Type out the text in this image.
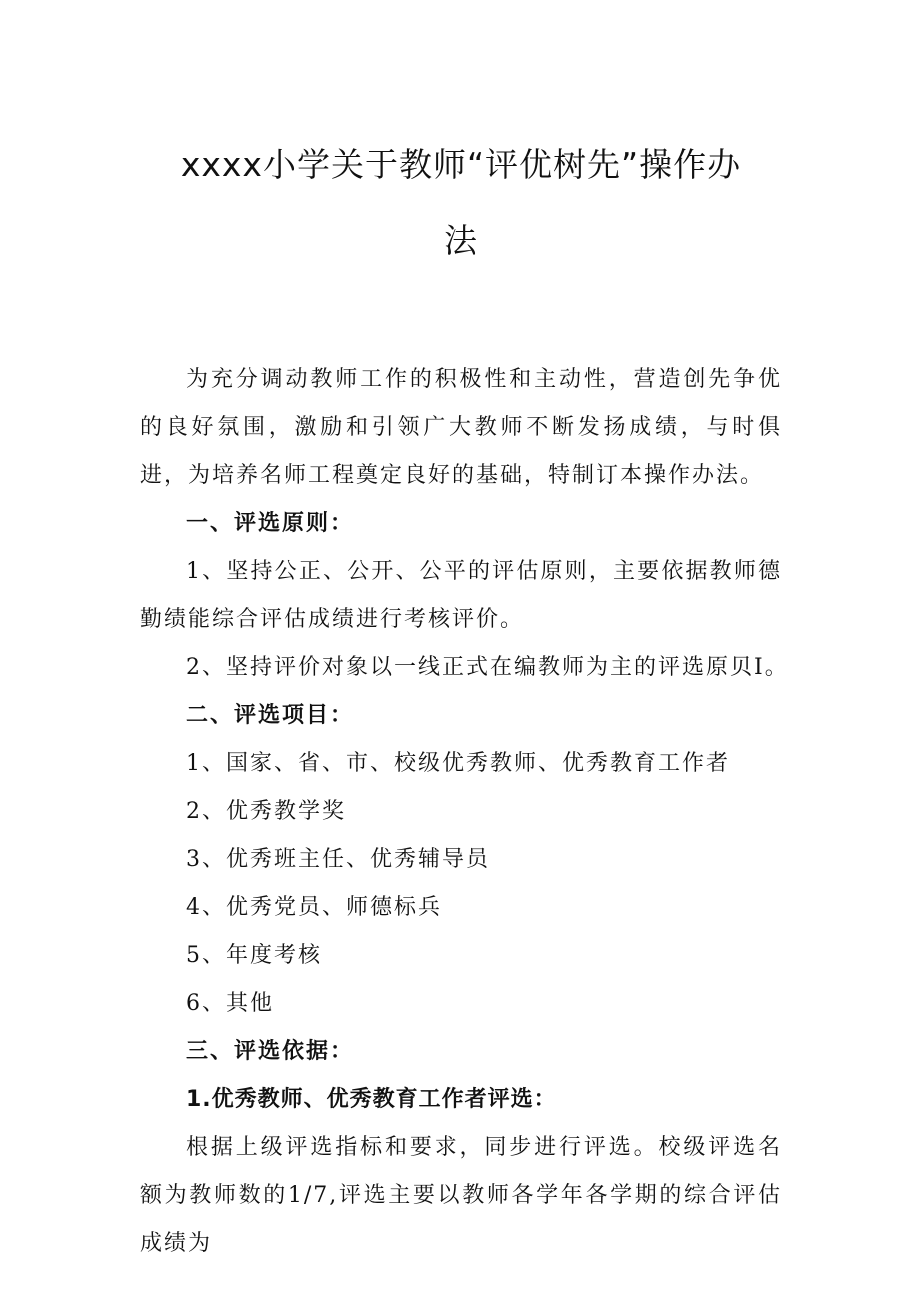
xxxx小学关于教师“评优树先”操作办
法

为充分调动教师工作的积极性和主动性，营造创先争优的良好氛围，激励和引领广大教师不断发扬成绩，与时俱进，为培养名师工程奠定良好的基础，特制订本操作办法。

一、评选原则：

1、坚持公正、公开、公平的评估原则，主要依据教师德勤绩能综合评估成绩进行考核评价。

2、坚持评价对象以一线正式在编教师为主的评选原贝I。

二、评选项目：

1、国家、省、市、校级优秀教师、优秀教育工作者

2、优秀教学奖

3、优秀班主任、优秀辅导员

4、优秀党员、师德标兵

5、年度考核

6、其他

三、评选依据：

1.优秀教师、优秀教育工作者评选：

根据上级评选指标和要求，同步进行评选。校级评选名额为教师数的1/7,评选主要以教师各学年各学期的综合评估成绩为
